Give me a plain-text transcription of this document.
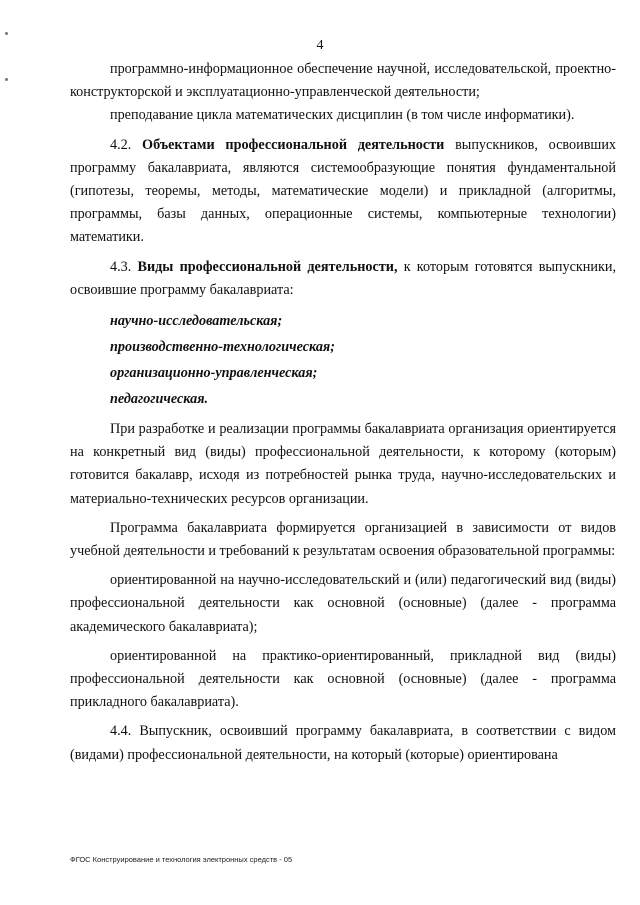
4

программно-информационное обеспечение научной, исследовательской, проектно-конструкторской и эксплуатационно-управленческой деятельности;

преподавание цикла математических дисциплин (в том числе информатики).

4.2. Объектами профессиональной деятельности выпускников, освоивших программу бакалавриата, являются системообразующие понятия фундаментальной (гипотезы, теоремы, методы, математические модели) и прикладной (алгоритмы, программы, базы данных, операционные системы, компьютерные технологии) математики.

4.3. Виды профессиональной деятельности, к которым готовятся выпускники, освоившие программу бакалавриата:

научно-исследовательская;

производственно-технологическая;

организационно-управленческая;

педагогическая.

При разработке и реализации программы бакалавриата организация ориентируется на конкретный вид (виды) профессиональной деятельности, к которому (которым) готовится бакалавр, исходя из потребностей рынка труда, научно-исследовательских и материально-технических ресурсов организации.

Программа бакалавриата формируется организацией в зависимости от видов учебной деятельности и требований к результатам освоения образовательной программы:

ориентированной на научно-исследовательский и (или) педагогический вид (виды) профессиональной деятельности как основной (основные) (далее - программа академического бакалавриата);

ориентированной на практико-ориентированный, прикладной вид (виды) профессиональной деятельности как основной (основные) (далее - программа прикладного бакалавриата).

4.4. Выпускник, освоивший программу бакалавриата, в соответствии с видом (видами) профессиональной деятельности, на который (которые) ориентирована

ФГОС Конструирование и технология электронных средств - 05
